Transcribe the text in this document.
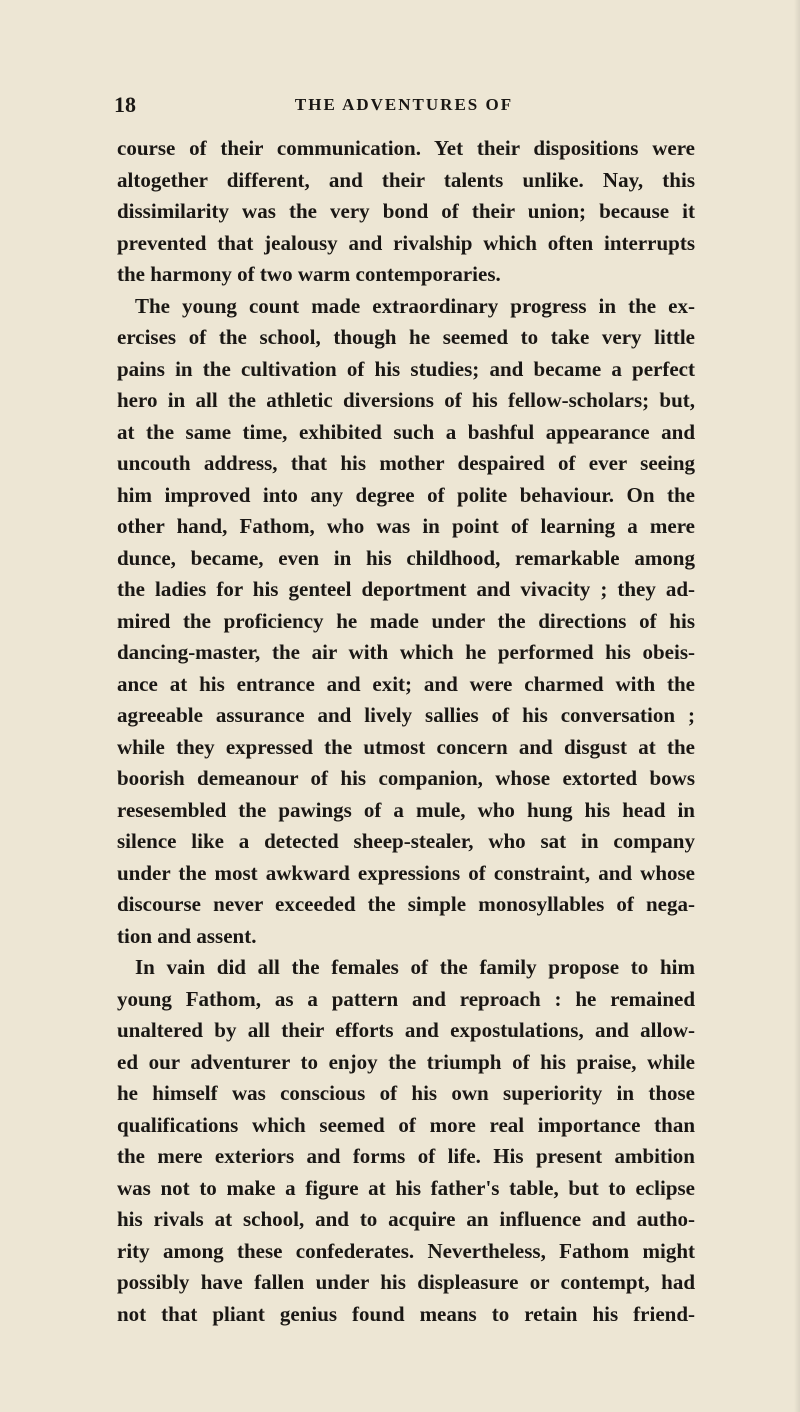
18	THE ADVENTURES OF
course of their communication. Yet their dispositions were
altogether different, and their talents unlike. Nay, this
dissimilarity was the very bond of their union; because it
prevented that jealousy and rivalship which often interrupts
the harmony of two warm contemporaries.
The young count made extraordinary progress in the ex-
ercises of the school, though he seemed to take very little
pains in the cultivation of his studies; and became a perfect
hero in all the athletic diversions of his fellow-scholars; but,
at the same time, exhibited such a bashful appearance and
uncouth address, that his mother despaired of ever seeing
him improved into any degree of polite behaviour. On the
other hand, Fathom, who was in point of learning a mere
dunce, became, even in his childhood, remarkable among
the ladies for his genteel deportment and vivacity ; they ad-
mired the proficiency he made under the directions of his
dancing-master, the air with which he performed his obeis-
ance at his entrance and exit; and were charmed with the
agreeable assurance and lively sallies of his conversation ;
while they expressed the utmost concern and disgust at the
boorish demeanour of his companion, whose extorted bows
resesembled the pawings of a mule, who hung his head in
silence like a detected sheep-stealer, who sat in company
under the most awkward expressions of constraint, and whose
discourse never exceeded the simple monosyllables of nega-
tion and assent.
In vain did all the females of the family propose to him
young Fathom, as a pattern and reproach : he remained
unaltered by all their efforts and expostulations, and allow-
ed our adventurer to enjoy the triumph of his praise, while
he himself was conscious of his own superiority in those
qualifications which seemed of more real importance than
the mere exteriors and forms of life. His present ambition
was not to make a figure at his father's table, but to eclipse
his rivals at school, and to acquire an influence and autho-
rity among these confederates. Nevertheless, Fathom might
possibly have fallen under his displeasure or contempt, had
not that pliant genius found means to retain his friend-
